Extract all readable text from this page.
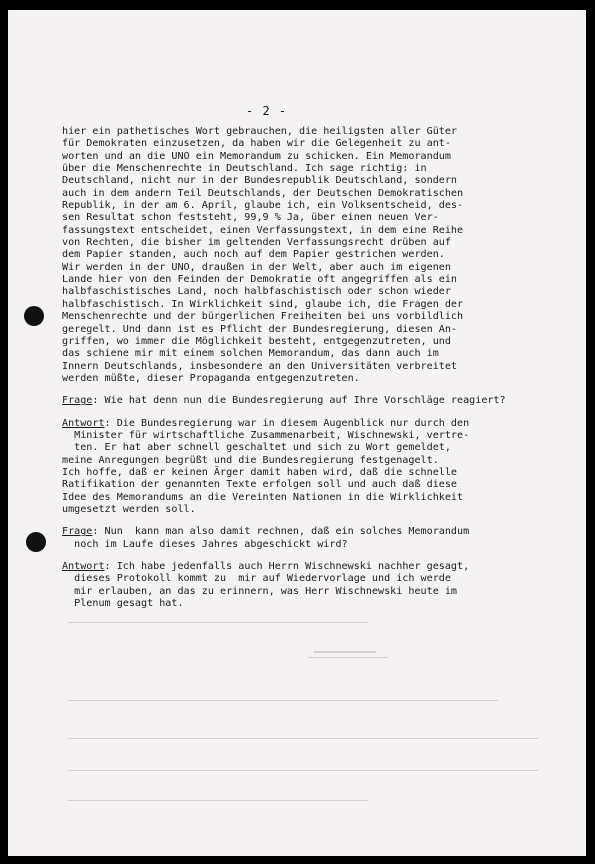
- 2 -
hier ein pathetisches Wort gebrauchen, die heiligsten aller Güter
für Demokraten einzusetzen, da haben wir die Gelegenheit zu ant-
worten und an die UNO ein Memorandum zu schicken. Ein Memorandum
über die Menschenrechte in Deutschland. Ich sage richtig: in
Deutschland, nicht nur in der Bundesrepublik Deutschland, sondern
auch in dem andern Teil Deutschlands, der Deutschen Demokratischen
Republik, in der am 6. April, glaube ich, ein Volksentscheid, des-
sen Resultat schon feststeht, 99,9 % Ja, über einen neuen Ver-
fassungstext entscheidet, einen Verfassungstext, in dem eine Reihe
von Rechten, die bisher im geltenden Verfassungsrecht drüben auf
dem Papier standen, auch noch auf dem Papier gestrichen werden.
Wir werden in der UNO, draußen in der Welt, aber auch im eigenen
Lande hier von den Feinden der Demokratie oft angegriffen als ein
halbfaschistisches Land, noch halbfaschistisch oder schon wieder
halbfaschistisch. In Wirklichkeit sind, glaube ich, die Fragen der
Menschenrechte und der bürgerlichen Freiheiten bei uns vorbildlich
geregelt. Und dann ist es Pflicht der Bundesregierung, diesen An-
griffen, wo immer die Möglichkeit besteht, entgegenzutreten, und
das schiene mir mit einem solchen Memorandum, das dann auch im
Innern Deutschlands, insbesondere an den Universitäten verbreitet
werden müßte, dieser Propaganda entgegenzutreten.
Frage: Wie hat denn nun die Bundesregierung auf Ihre Vorschläge reagiert?
Antwort: Die Bundesregierung war in diesem Augenblick nur durch den
Minister für wirtschaftliche Zusammenarbeit, Wischnewski, vertre-
ten. Er hat aber schnell geschaltet und sich zu Wort gemeldet,
meine Anregungen begrüßt und die Bundesregierung festgenagelt.
Ich hoffe, daß er keinen Ärger damit haben wird, daß die schnelle
Ratifikation der genannten Texte erfolgen soll und auch daß diese
Idee des Memorandums an die Vereinten Nationen in die Wirklichkeit
umgesetzt werden soll.
Frage: Nun  kann man also damit rechnen, daß ein solches Memorandum
noch im Laufe dieses Jahres abgeschickt wird?
Antwort: Ich habe jedenfalls auch Herrn Wischnewski nachher gesagt,
dieses Protokoll kommt zu  mir auf Wiedervorlage und ich werde
mir erlauben, an das zu erinnern, was Herr Wischnewski heute im
Plenum gesagt hat.
